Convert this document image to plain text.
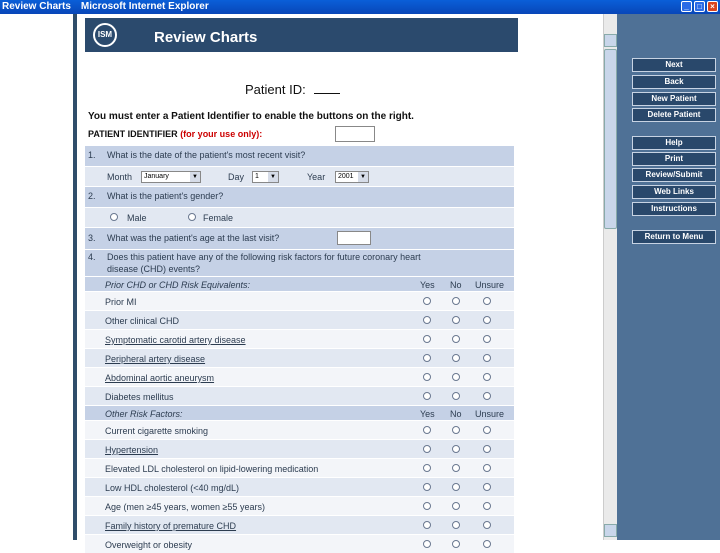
Review Charts Microsoft Internet Explorer	_	□	×
ISM	Review Charts
Patient ID:
You must enter a Patient Identifier to enable the buttons on the right.
PATIENT IDENTIFIER (for your use only):
1. What is the date of the patient's most recent visit?
Month	January	▼	Day	1	▼	Year	2001	▼
2. What is the patient's gender?
Male	Female
3. What was the patient's age at the last visit?
4. Does this patient have any of the following risk factors for future coronary heart
disease (CHD) events?
Prior CHD or CHD Risk Equivalents:	Yes No Unsure
Prior MI
Other clinical CHD
Symptomatic carotid artery disease
Peripheral artery disease
Abdominal aortic aneurysm
Diabetes mellitus
Other Risk Factors:	Yes No Unsure
Current cigarette smoking
Hypertension
Elevated LDL cholesterol on lipid-lowering medication
Low HDL cholesterol (<40 mg/dL)
Age (men ≥45 years, women ≥55 years)
Family history of premature CHD
Overweight or obesity
Next
Back
New Patient
Delete Patient
Help
Print
Review/Submit
Web Links
Instructions
Return to Menu
